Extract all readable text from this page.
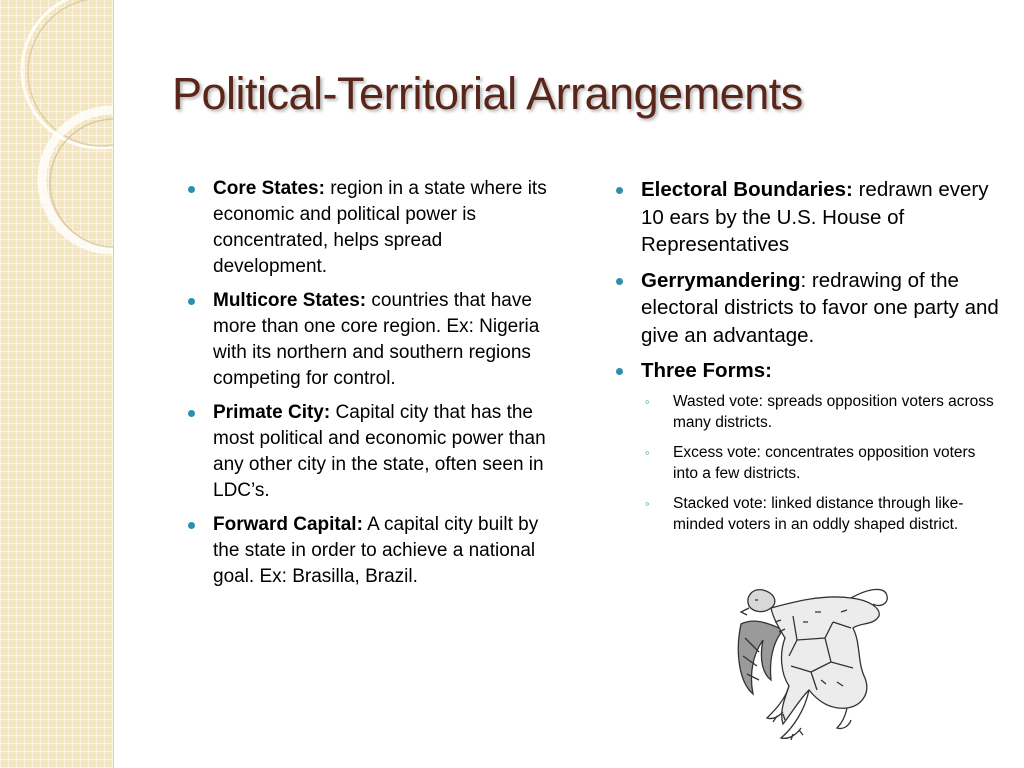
Political-Territorial Arrangements
Core States: region in a state where its economic and political power is concentrated, helps spread development.
Multicore States: countries that have more than one core region. Ex: Nigeria with its northern and southern regions competing for control.
Primate City: Capital city that has the most political and economic power than any other city in the state, often seen in LDC’s.
Forward Capital: A capital city built by the state in order to achieve a national goal. Ex: Brasilla, Brazil.
Electoral Boundaries: redrawn every 10 ears by the U.S. House of Representatives
Gerrymandering: redrawing of the electoral districts to favor one party and give an advantage.
Three Forms:
◦ Wasted vote: spreads opposition voters across many districts.
◦ Excess vote: concentrates opposition voters into a few districts.
◦ Stacked vote: linked distance through like-minded voters in an oddly shaped district.
